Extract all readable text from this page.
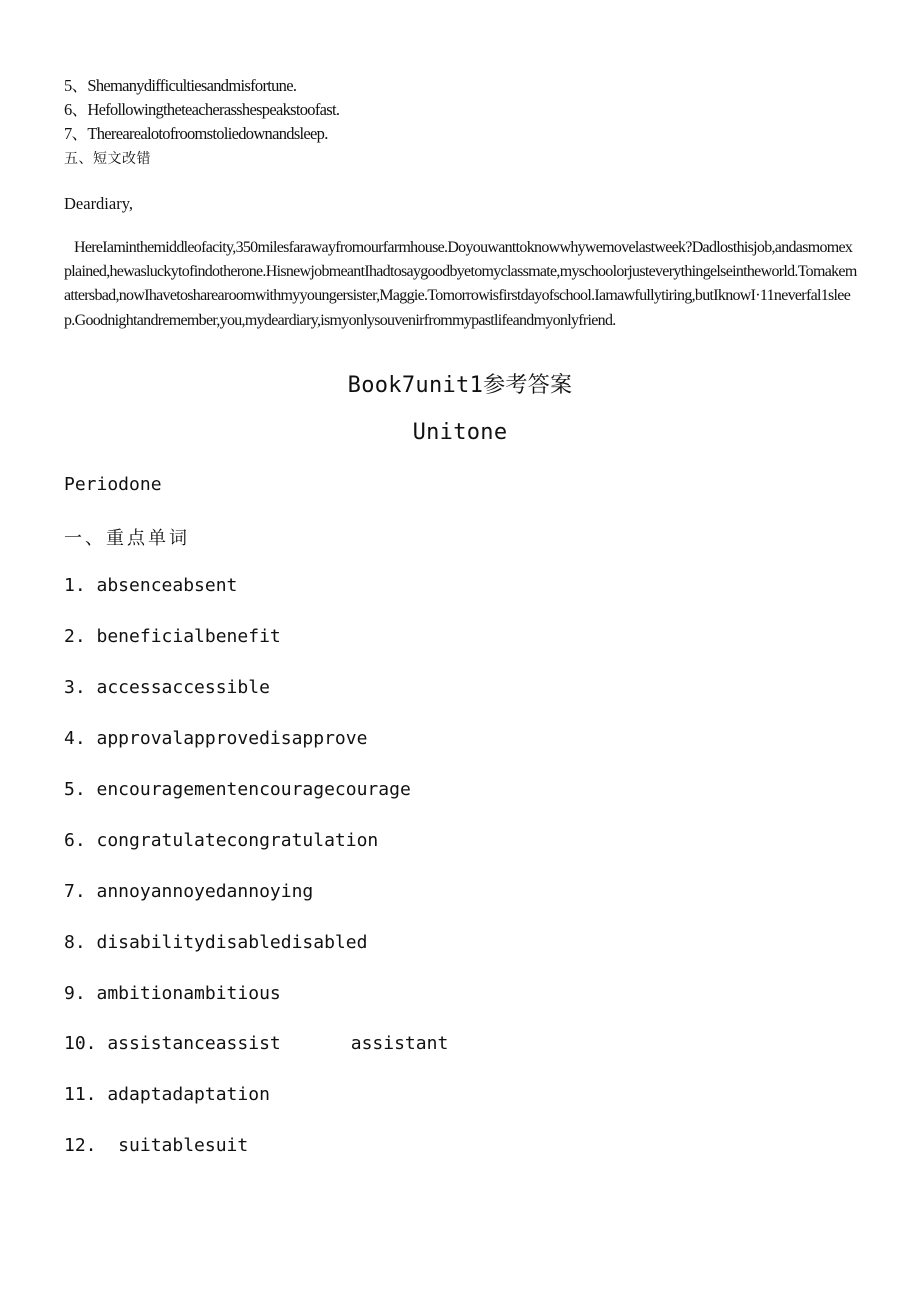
5、Shemanydifficultiesandmisfortune.
6、Hefollowingtheteacherasshespeakstoofast.
7、Therearealotofroomstoliedownandsleep.
五、短文改错
Deardiary,
HereIaminthemiddleofacity,350milesfarawayfromourfarmhouse.Doyouwanttoknowwhywemovelastweek?Dadlosthisjob,andasmomexplained,hewasluckytofindotherone.HisnewjobmeantIhadtosaygoodbyetomyclassmate,myschoolorjusteverythingelseintheworld.Tomakemattersbad,nowIhavetosharearoomwithmyyoungersister,Maggie.Tomorrowisfirstdayofschool.Iamawfullytiring,butIknowI·11neverfal1sleep.Goodnightandremember,you,mydeardiary,ismyonlysouvenirfrommypastlifeandmyonlyfriend.
Book7unit1参考答案
Unitone
Periodone
一、重点单词
1. absenceabsent
2. beneficialbenefit
3. accessaccessible
4. approvalapprovedisapprove
5. encouragementencouragecourage
6. congratulatecongratulation
7. annoyannoyedannoying
8. disabilitydisabledisabled
9. ambitionambitious
10. assistanceassist	assistant
11. adaptadaptation
12.  suitablesuit
